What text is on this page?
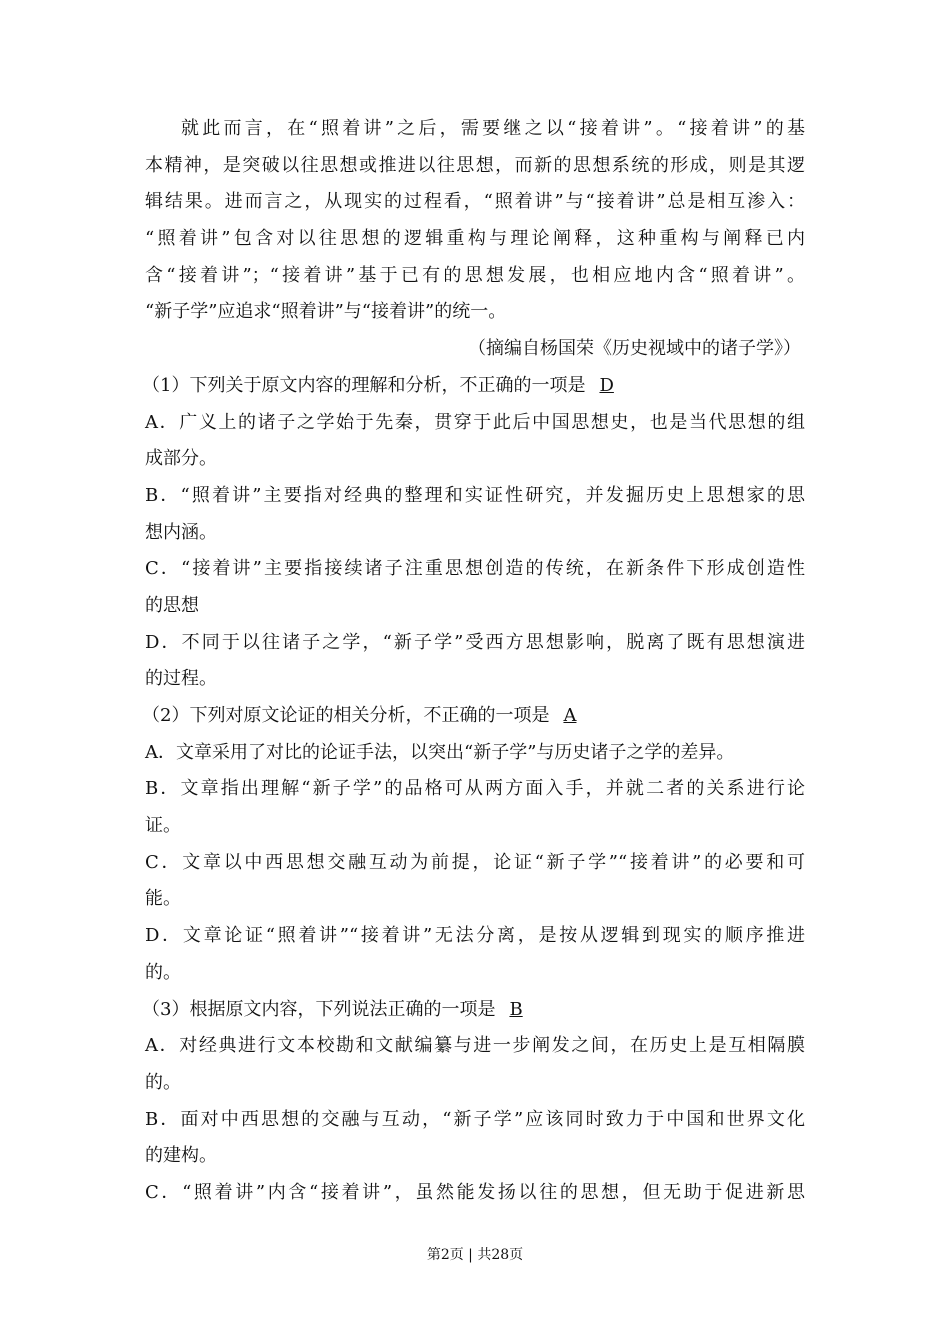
就此而言，在“照着讲”之后，需要继之以“接着讲”。“接着讲”的基
本精神，是突破以往思想或推进以往思想，而新的思想系统的形成，则是其逻
辑结果。进而言之，从现实的过程看，“照着讲”与“接着讲”总是相互渗入：
“照着讲”包含对以往思想的逻辑重构与理论阐释，这种重构与阐释已内
含“接着讲”；“接着讲”基于已有的思想发展，也相应地内含“照着讲”。
“新子学”应追求“照着讲”与“接着讲”的统一。
（摘编自杨国荣《历史视域中的诸子学》）
（1）下列关于原文内容的理解和分析，不正确的一项是 D
A．广义上的诸子之学始于先秦，贯穿于此后中国思想史，也是当代思想的组
成部分。
B．“照着讲”主要指对经典的整理和实证性研究，并发掘历史上思想家的思
想内涵。
C．“接着讲”主要指接续诸子注重思想创造的传统，在新条件下形成创造性
的思想
D．不同于以往诸子之学，“新子学”受西方思想影响，脱离了既有思想演进
的过程。
（2）下列对原文论证的相关分析，不正确的一项是 A
A．文章采用了对比的论证手法，以突出“新子学”与历史诸子之学的差异。
B．文章指出理解“新子学”的品格可从两方面入手，并就二者的关系进行论
证。
C．文章以中西思想交融互动为前提，论证“新子学”“接着讲”的必要和可
能。
D．文章论证“照着讲”“接着讲”无法分离，是按从逻辑到现实的顺序推进
的。
（3）根据原文内容，下列说法正确的一项是 B
A．对经典进行文本校勘和文献编纂与进一步阐发之间，在历史上是互相隔膜
的。
B．面对中西思想的交融与互动，“新子学”应该同时致力于中国和世界文化
的建构。
C．“照着讲”内含“接着讲”，虽然能发扬以往的思想，但无助于促进新思
第2页 | 共28页
